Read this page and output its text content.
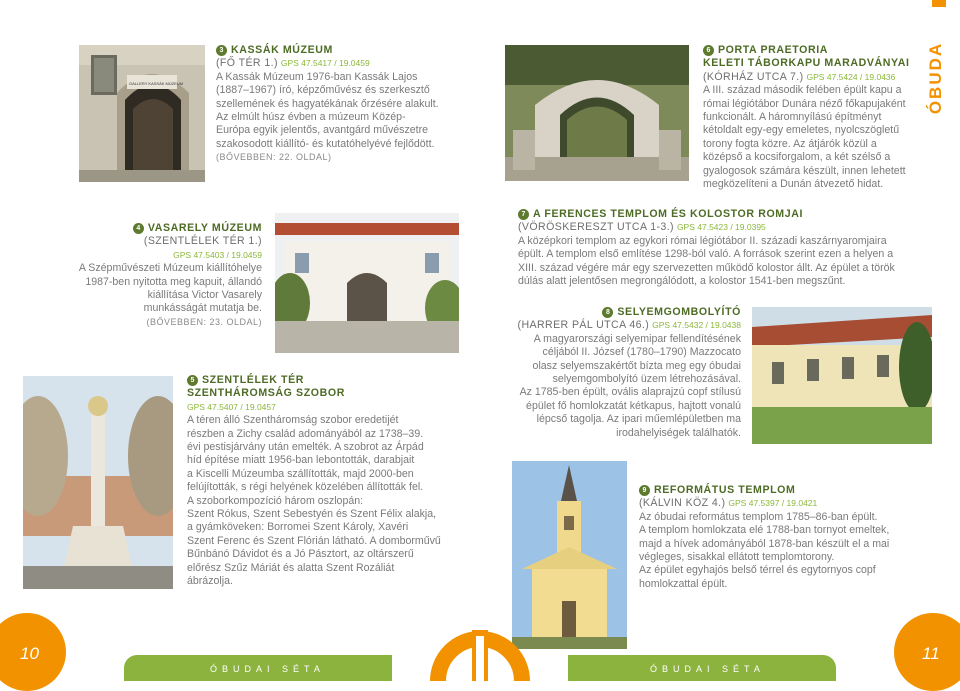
ÓBUDA
GALLERY KASSÁK MÚZEUM
3 KASSÁK MÚZEUM

(FŐ TÉR 1.) GPS 47.5417 / 19.0459

A Kassák Múzeum 1976-ban Kassák Lajos

(1887–1967) író, képzőművész és szerkesztő

szellemének és hagyatékának őrzésére alakult.

Az elmúlt húsz évben a múzeum Közép-

Európa egyik jelentős, avantgárd művészetre

szakosodott kiállító- és kutatóhelyévé fejlődött.

(BŐVEBBEN: 22. OLDAL)

6 PORTA PRAETORIA

KELETI TÁBORKAPU MARADVÁNYAI

(KÓRHÁZ UTCA 7.) GPS 47.5424 / 19.0436

A III. század második felében épült kapu a

római légiótábor Dunára néző főkapujaként

funkcionált. A háromnyílású építményt

kétoldalt egy-egy emeletes, nyolcszögletű

torony fogta közre. Az átjárók közül a

középső a kocsiforgalom, a két szélső a

gyalogosok számára készült, innen lehetett

megközelíteni a Dunán átvezető hidat.

4 VASARELY MÚZEUM

(SZENTLÉLEK TÉR 1.)

GPS 47.5403 / 19.0459

A Szépművészeti Múzeum kiállítóhelye

1987-ben nyitotta meg kapuit, állandó

kiállítása Victor Vasarely

munkásságát mutatja be.

(BŐVEBBEN: 23. OLDAL)

7 A FERENCES TEMPLOM ÉS KOLOSTOR ROMJAI

(VÖRÖSKERESZT UTCA 1-3.) GPS 47.5423 / 19.0395

A középkori templom az egykori római légiótábor II. századi kaszárnyaromjaira

épült. A templom első említése 1298-ból való. A források szerint ezen a helyen a

XIII. század végére már egy szervezetten működő kolostor állt. Az épület a török

dúlás alatt jelentősen megrongálódott, a kolostor 1541-ben megszűnt.

8 SELYEMGOMBOLYÍTÓ

(HARRER PÁL UTCA 46.) GPS 47.5432 / 19.0438

A magyarországi selyemipar fellendítésének

céljából II. József (1780–1790) Mazzocato

olasz selyemszakértőt bízta meg egy óbudai

selyemgombolyító üzem létrehozásával.

Az 1785-ben épült, ovális alaprajzú copf stílusú

épület fő homlokzatát kétkapus, hajtott vonalú

lépcső tagolja. Az ipari műemlépületben ma

irodahelyiségek találhatók.

5 SZENTLÉLEK TÉR

SZENTHÁROMSÁG SZOBOR

GPS 47.5407 / 19.0457

A téren álló Szentháromság szobor eredetijét

részben a Zichy család adományából az 1738–39.

évi pestisjárvány után emelték. A szobrot az Árpád

híd építése miatt 1956-ban lebontották, darabjait

a Kiscelli Múzeumba szállították, majd 2000-ben

felújították, s régi helyének közelében állították fel.

A szoborkompozíció három oszlopán:

Szent Rókus, Szent Sebestyén és Szent Félix alakja,

a gyámköveken: Borromei Szent Károly, Xavéri

Szent Ferenc és Szent Flórián látható. A domborművű

Bűnbánó Dávidot és a Jó Pásztort, az oltárszerű

előrész Szűz Máriát és alatta Szent Rozáliát

ábrázolja.

9 REFORMÁTUS TEMPLOM

(KÁLVIN KÖZ 4.) GPS 47.5397 / 19.0421

Az óbudai református templom 1785–86-ban épült.

A templom homlokzata elé 1788-ban tornyot emeltek,

majd a hívek adományából 1878-ban készült el a mai

végleges, sisakkal ellátott templomtorony.

Az épület egyhajós belső térrel és egytornyos copf

homlokzattal épült.

ÓBUDAI SÉTA	ÓBUDAI SÉTA
10	11
